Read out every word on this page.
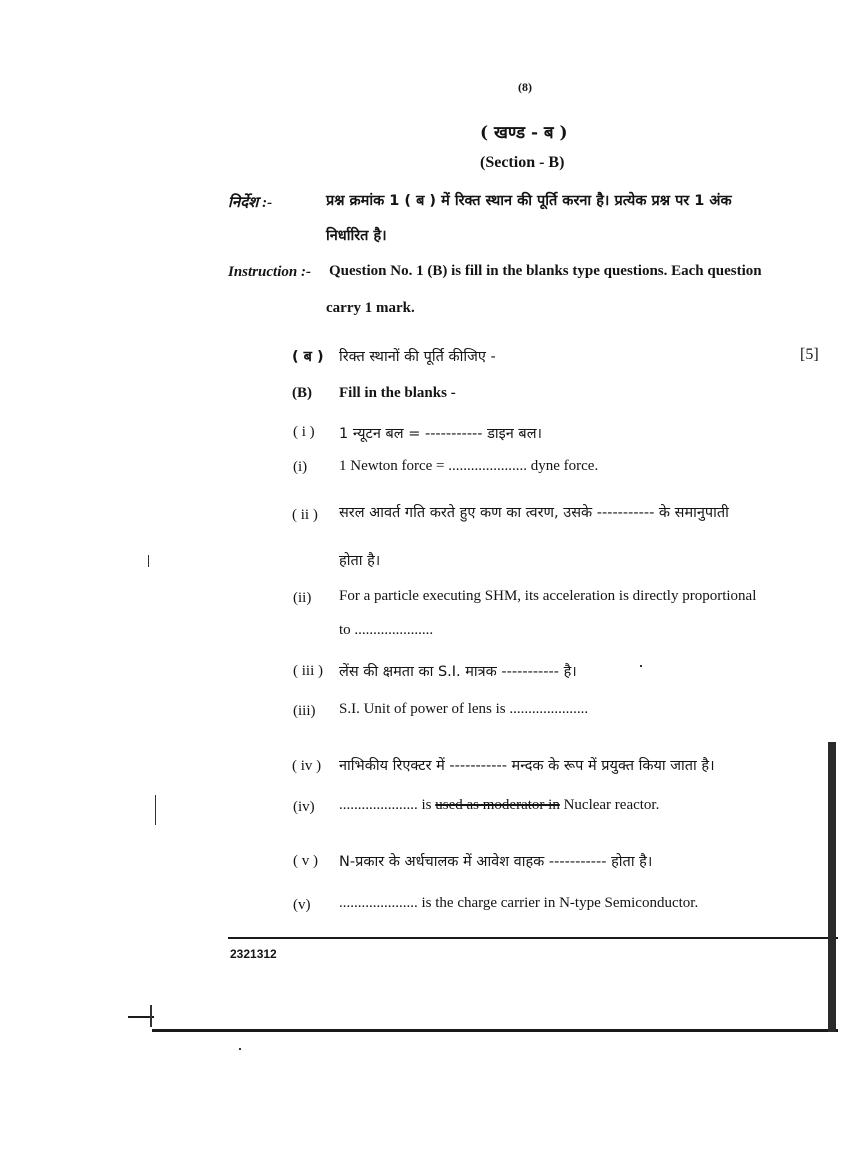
(8)
( खण्ड - ब )
(Section - B)
निर्देश :-	प्रश्न क्रमांक 1 ( ब ) में रिक्त स्थान की पूर्ति करना है। प्रत्येक प्रश्न पर 1 अंक
निर्धारित है।
Instruction :- Question No. 1 (B) is fill in the blanks type questions. Each question
carry 1 mark.
( ब ) रिक्त स्थानों की पूर्ति कीजिए -	[5]
(B) Fill in the blanks -
( i ) 1 न्यूटन बल = ----------- डाइन बल।
(i) 1 Newton force = ..................... dyne force.
( ii ) सरल आवर्त गति करते हुए कण का त्वरण, उसके ----------- के समानुपाती
होता है।
(ii) For a particle executing SHM, its acceleration is directly proportional
to .....................
( iii ) लेंस की क्षमता का S.I. मात्रक ----------- है।
(iii) S.I. Unit of power of lens is .....................
( iv ) नाभिकीय रिएक्टर में ----------- मन्दक के रूप में प्रयुक्त किया जाता है।
(iv) ..................... is used as moderator in Nuclear reactor.
( v ) N-प्रकार के अर्धचालक में आवेश वाहक ----------- होता है।
(v) ..................... is the charge carrier in N-type Semiconductor.
2321312
